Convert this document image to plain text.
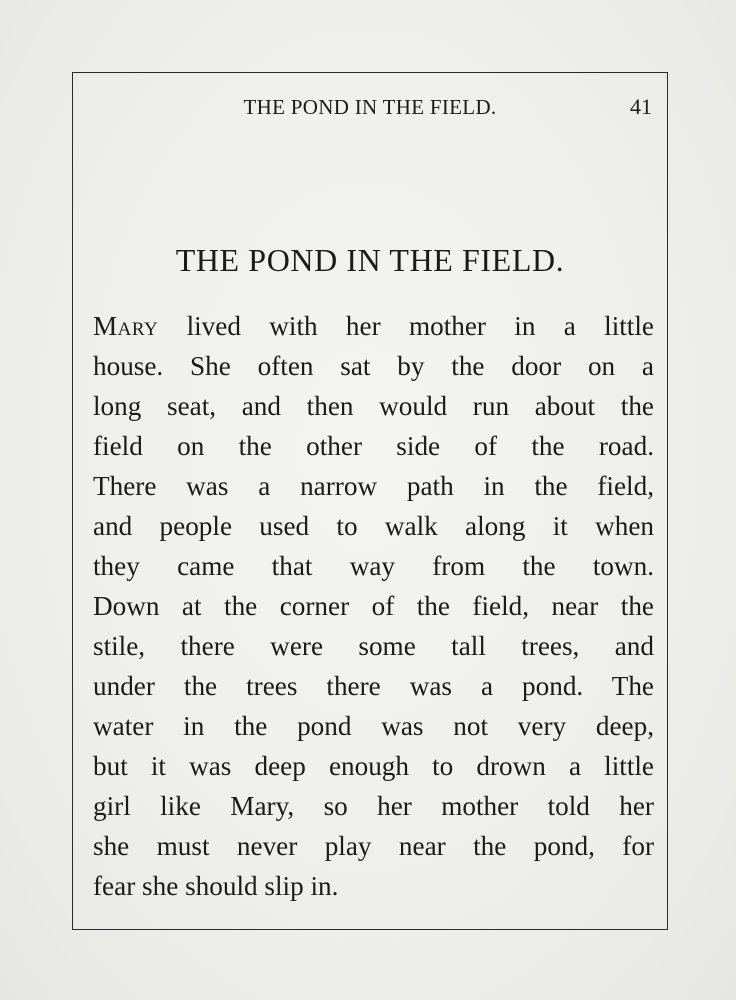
THE POND IN THE FIELD.	41
THE POND IN THE FIELD.
Mary lived with her mother in a little
house. She often sat by the door on a
long seat, and then would run about the
field on the other side of the road.
There was a narrow path in the field,
and people used to walk along it when
they came that way from the town.
Down at the corner of the field, near the
stile, there were some tall trees, and
under the trees there was a pond. The
water in the pond was not very deep,
but it was deep enough to drown a little
girl like Mary, so her mother told her
she must never play near the pond, for
fear she should slip in.
